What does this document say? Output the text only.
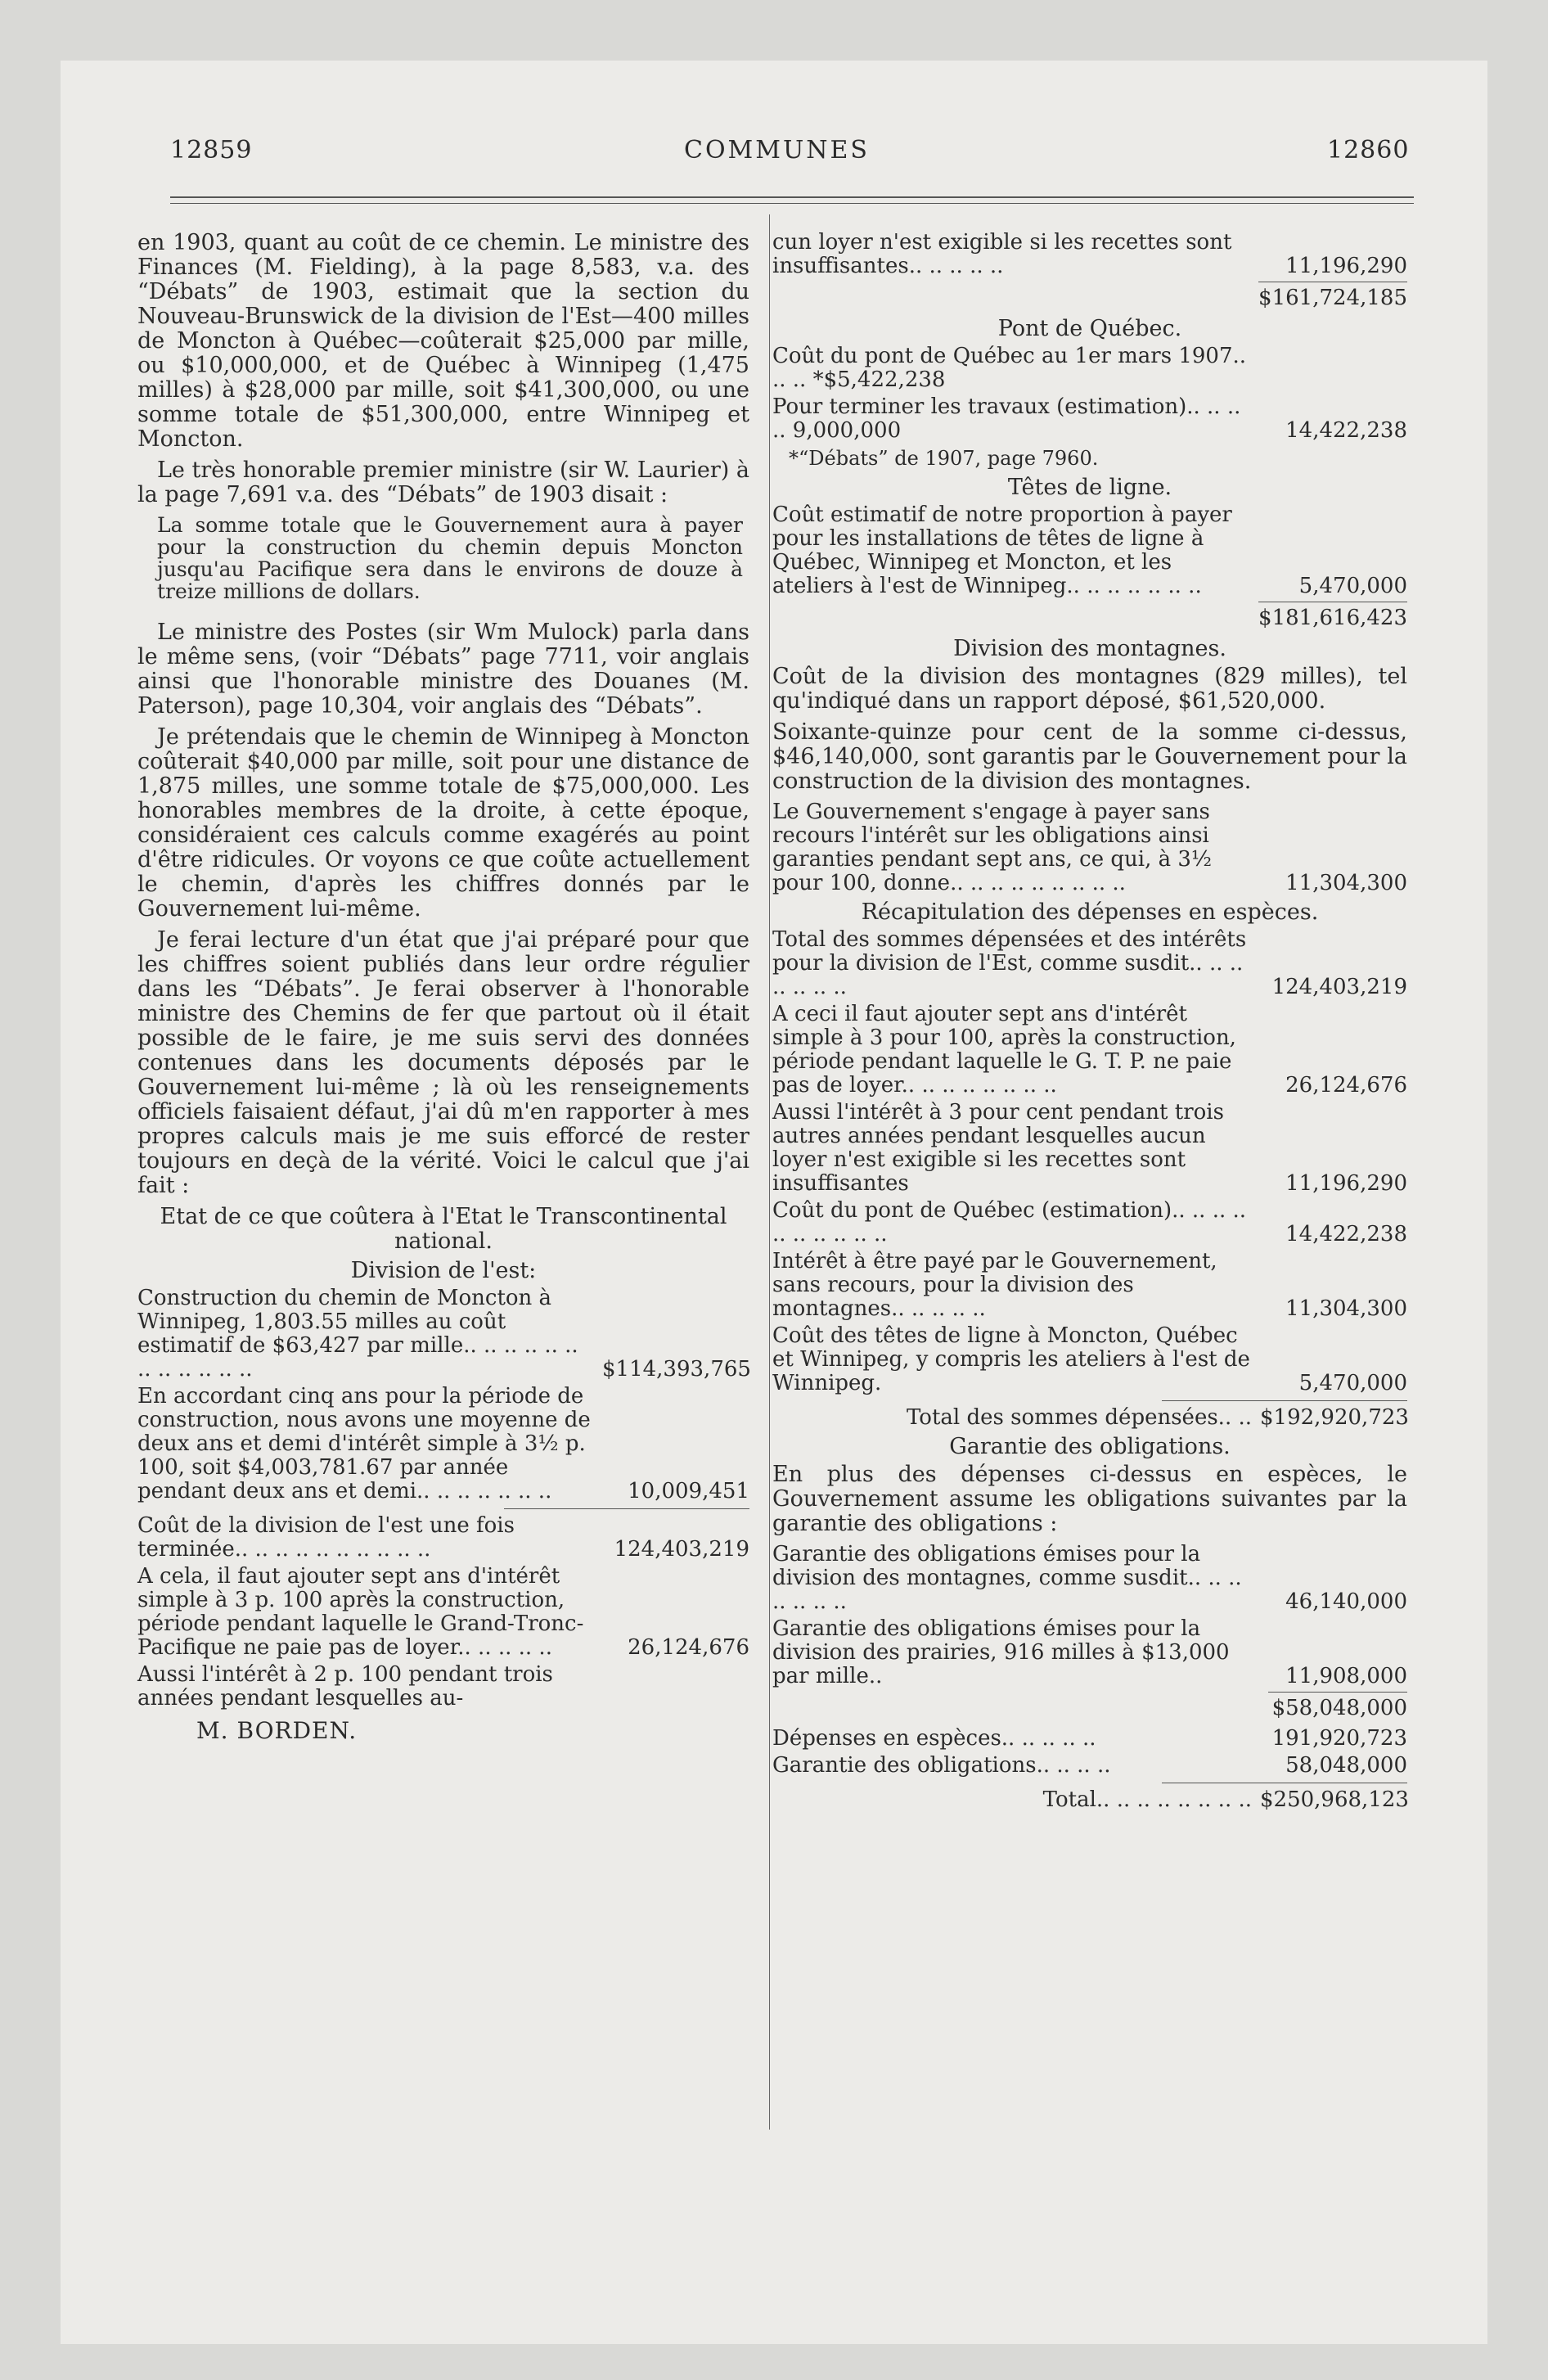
12859	COMMUNES	12860

en 1903, quant au coût de ce chemin. Le ministre des Finances (M. Fielding), à la page 8,583, v.a. des “Débats” de 1903, estimait que la section du Nouveau-Brunswick de la division de l'Est—400 milles de Moncton à Québec—coûterait $25,000 par mille, ou $10,000,000, et de Québec à Winnipeg (1,475 milles) à $28,000 par mille, soit $41,300,000, ou une somme totale de $51,300,000, entre Winnipeg et Moncton.

Le très honorable premier ministre (sir W. Laurier) à la page 7,691 v.a. des “Débats” de 1903 disait :

La somme totale que le Gouvernement aura à payer pour la construction du chemin depuis Moncton jusqu'au Pacifique sera dans le environs de douze à treize millions de dollars.

Le ministre des Postes (sir Wm Mulock) parla dans le même sens, (voir “Débats” page 7711, voir anglais ainsi que l'honorable ministre des Douanes (M. Paterson), page 10,304, voir anglais des “Débats”.

Je prétendais que le chemin de Winnipeg à Moncton coûterait $40,000 par mille, soit pour une distance de 1,875 milles, une somme totale de $75,000,000. Les honorables membres de la droite, à cette époque, considéraient ces calculs comme exagérés au point d'être ridicules. Or voyons ce que coûte actuellement le chemin, d'après les chiffres donnés par le Gouvernement lui-même.

Je ferai lecture d'un état que j'ai préparé pour que les chiffres soient publiés dans leur ordre régulier dans les “Débats”. Je ferai observer à l'honorable ministre des Chemins de fer que partout où il était possible de le faire, je me suis servi des données contenues dans les documents déposés par le Gouvernement lui-même ; là où les renseignements officiels faisaient défaut, j'ai dû m'en rapporter à mes propres calculs mais je me suis efforcé de rester toujours en deçà de la vérité. Voici le calcul que j'ai fait :

Etat de ce que coûtera à l'Etat le Transcontinental national.
Division de l'est:
Construction du chemin de Moncton à Winnipeg, 1,803.55 milles au coût estimatif de $63,427 par mille.. .. .. .. .. .. .. .. .. .. .. ..	$114,393,765
En accordant cinq ans pour la période de construction, nous avons une moyenne de deux ans et demi d'intérêt simple à 3½ p. 100, soit $4,003,781.67 par année pendant deux ans et demi.. .. .. .. .. .. ..	10,009,451
Coût de la division de l'est une fois terminée.. .. .. .. .. .. .. .. .. ..	124,403,219
A cela, il faut ajouter sept ans d'intérêt simple à 3 p. 100 après la construction, période pendant laquelle le Grand-Tronc-Pacifique ne paie pas de loyer.. .. .. .. ..	26,124,676
Aussi l'intérêt à 2 p. 100 pendant trois années pendant lesquelles au-
M. BORDEN.
cun loyer n'est exigible si les recettes sont insuffisantes.. .. .. .. ..	11,196,290
$161,724,185
Pont de Québec.
Coût du pont de Québec au 1er mars 1907.. .. .. *$5,422,238
Pour terminer les travaux (estimation).. .. .. .. 9,000,000	14,422,238
*“Débats” de 1907, page 7960.
Têtes de ligne.
Coût estimatif de notre proportion à payer pour les installations de têtes de ligne à Québec, Winnipeg et Moncton, et les ateliers à l'est de Winnipeg.. .. .. .. .. .. ..	5,470,000
$181,616,423
Division des montagnes.

Coût de la division des montagnes (829 milles), tel qu'indiqué dans un rapport déposé, $61,520,000.

Soixante-quinze pour cent de la somme ci-dessus, $46,140,000, sont garantis par le Gouvernement pour la construction de la division des montagnes.

Le Gouvernement s'engage à payer sans recours l'intérêt sur les obligations ainsi garanties pendant sept ans, ce qui, à 3½ pour 100, donne.. .. .. .. .. .. .. .. ..	11,304,300
Récapitulation des dépenses en espèces.
Total des sommes dépensées et des intérêts pour la division de l'Est, comme susdit.. .. .. .. .. .. ..	124,403,219
A ceci il faut ajouter sept ans d'intérêt simple à 3 pour 100, après la construction, période pendant laquelle le G. T. P. ne paie pas de loyer.. .. .. .. .. .. .. ..	26,124,676
Aussi l'intérêt à 3 pour cent pendant trois autres années pendant lesquelles aucun loyer n'est exigible si les recettes sont insuffisantes	11,196,290
Coût du pont de Québec (estimation).. .. .. .. .. .. .. .. .. ..	14,422,238
Intérêt à être payé par le Gouvernement, sans recours, pour la division des montagnes.. .. .. .. ..	11,304,300
Coût des têtes de ligne à Moncton, Québec et Winnipeg, y compris les ateliers à l'est de Winnipeg.	5,470,000
Total des sommes dépensées.. .. $192,920,723
Garantie des obligations.

En plus des dépenses ci-dessus en espèces, le Gouvernement assume les obligations suivantes par la garantie des obligations :

Garantie des obligations émises pour la division des montagnes, comme susdit.. .. .. .. .. .. ..	46,140,000
Garantie des obligations émises pour la division des prairies, 916 milles à $13,000 par mille..	11,908,000
$58,048,000
Dépenses en espèces.. .. .. .. ..	191,920,723
Garantie des obligations.. .. .. ..	58,048,000
Total.. .. .. .. .. .. .. .. $250,968,123
